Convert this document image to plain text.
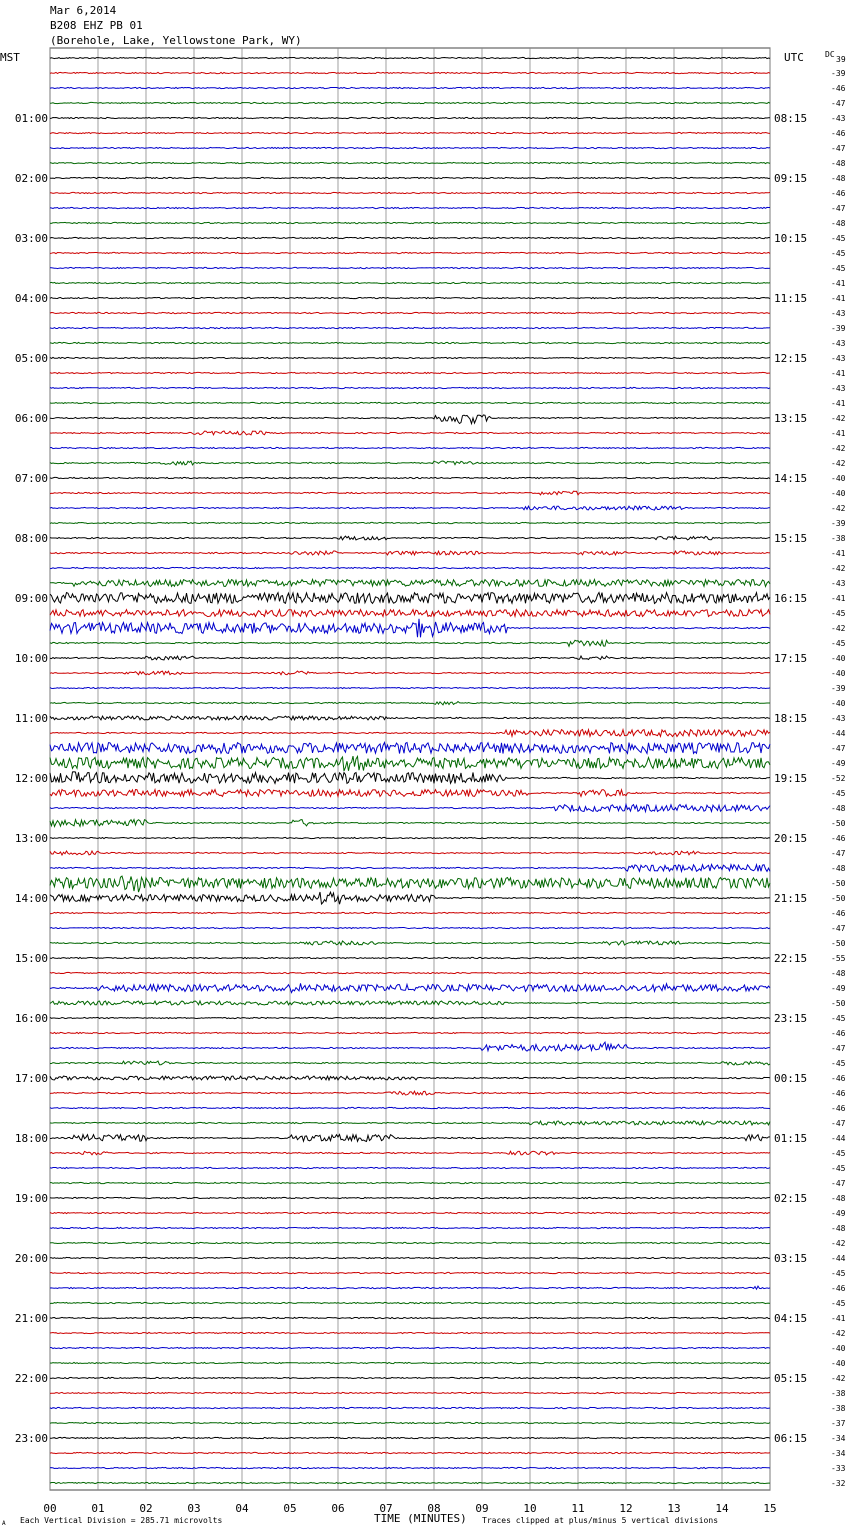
Mar 6,2014
B208 EHZ PB 01
(Borehole, Lake, Yellowstone Park, WY)
MST	UTC
01:00
02:00
03:00
04:00
05:00
06:00
07:00
08:00
09:00
10:00
11:00
12:00
13:00
14:00
15:00
16:00
17:00
18:00
19:00
20:00
21:00
22:00
23:00
08:15
09:15
10:15
11:15
12:15
13:15
14:15
15:15
16:15
17:15
18:15
19:15
20:15
21:15
22:15
23:15
00:15
01:15
02:15
03:15
04:15
05:15
06:15
DC
39
-39
-46
-47
-43
-46
-47
-48
-48
-46
-47
-48
-45
-45
-45
-41
-41
-43
-39
-43
-43
-41
-43
-41
-42
-41
-42
-42
-40
-40
-42
-39
-38
-41
-42
-43
-41
-45
-42
-45
-40
-40
-39
-40
-43
-44
-47
-49
-52
-45
-48
-50
-46
-47
-48
-50
-50
-46
-47
-50
-55
-48
-49
-50
-45
-46
-47
-45
-46
-46
-46
-47
-44
-45
-45
-47
-48
-49
-48
-42
-44
-45
-46
-45
-41
-42
-40
-40
-42
-38
-38
-37
-34
-34
-33
-32
00	01	02	03	04	05	06	07	08	09	10	11	12	13	14	15
TIME (MINUTES)
Each Vertical Division = 285.71 microvolts	Traces clipped at plus/minus 5 vertical divisions
A
